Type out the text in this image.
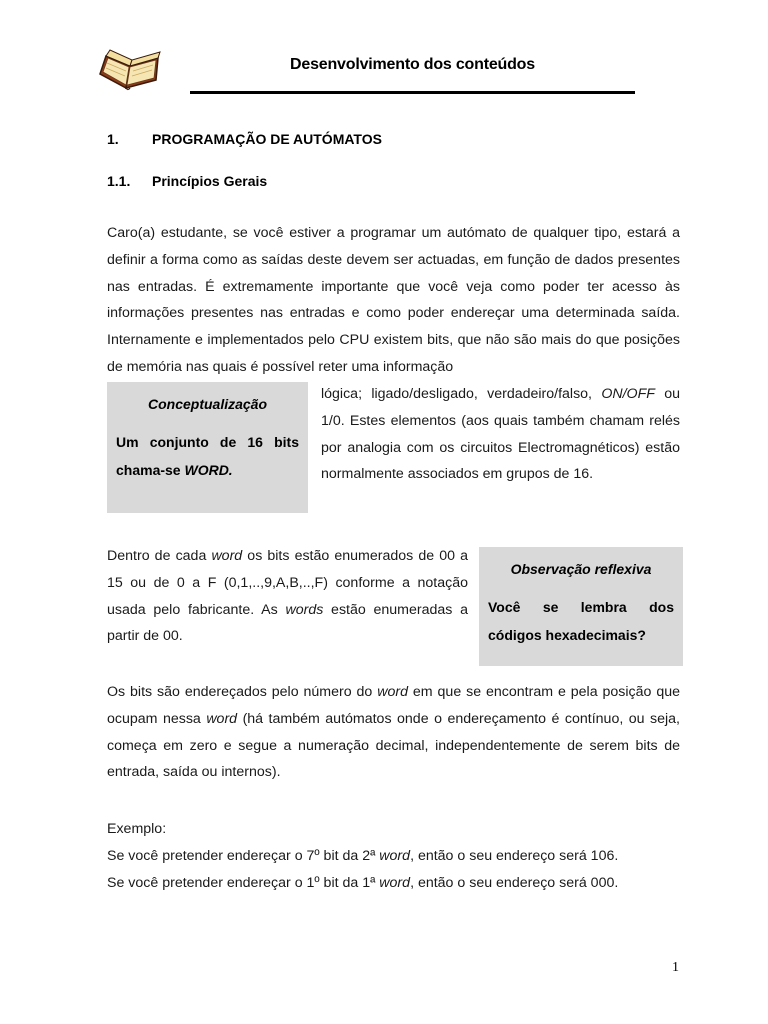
Desenvolvimento dos conteúdos
1. PROGRAMAÇÃO DE AUTÓMATOS
1.1. Princípios Gerais

Caro(a) estudante, se você estiver a programar um autómato de qualquer tipo, estará a definir a forma como as saídas deste devem ser actuadas, em função de dados presentes nas entradas. É extremamente importante que você veja como poder ter acesso às informações presentes nas entradas e como poder endereçar uma determinada saída. Internamente e implementados pelo CPU existem bits, que não são mais do que posições de memória nas quais é possível reter uma informação

Conceptualização
Um conjunto de 16 bits chama-se WORD.

lógica; ligado/desligado, verdadeiro/falso, ON/OFF ou 1/0. Estes elementos (aos quais também chamam relés por analogia com os circuitos Electromagnéticos) estão normalmente associados em grupos de 16.

Dentro de cada word os bits estão enumerados de 00 a 15 ou de 0 a F (0,1,..,9,A,B,..,F) conforme a notação usada pelo fabricante. As words estão enumeradas a partir de 00.

Observação reflexiva
Você se lembra dos códigos hexadecimais?

Os bits são endereçados pelo número do word em que se encontram e pela posição que ocupam nessa word (há também autómatos onde o endereçamento é contínuo, ou seja, começa em zero e segue a numeração decimal, independentemente de serem bits de entrada, saída ou internos).

Exemplo:
Se você pretender endereçar o 7º bit da 2ª word, então o seu endereço será 106.
Se você pretender endereçar o 1º bit da 1ª word, então o seu endereço será 000.
1
